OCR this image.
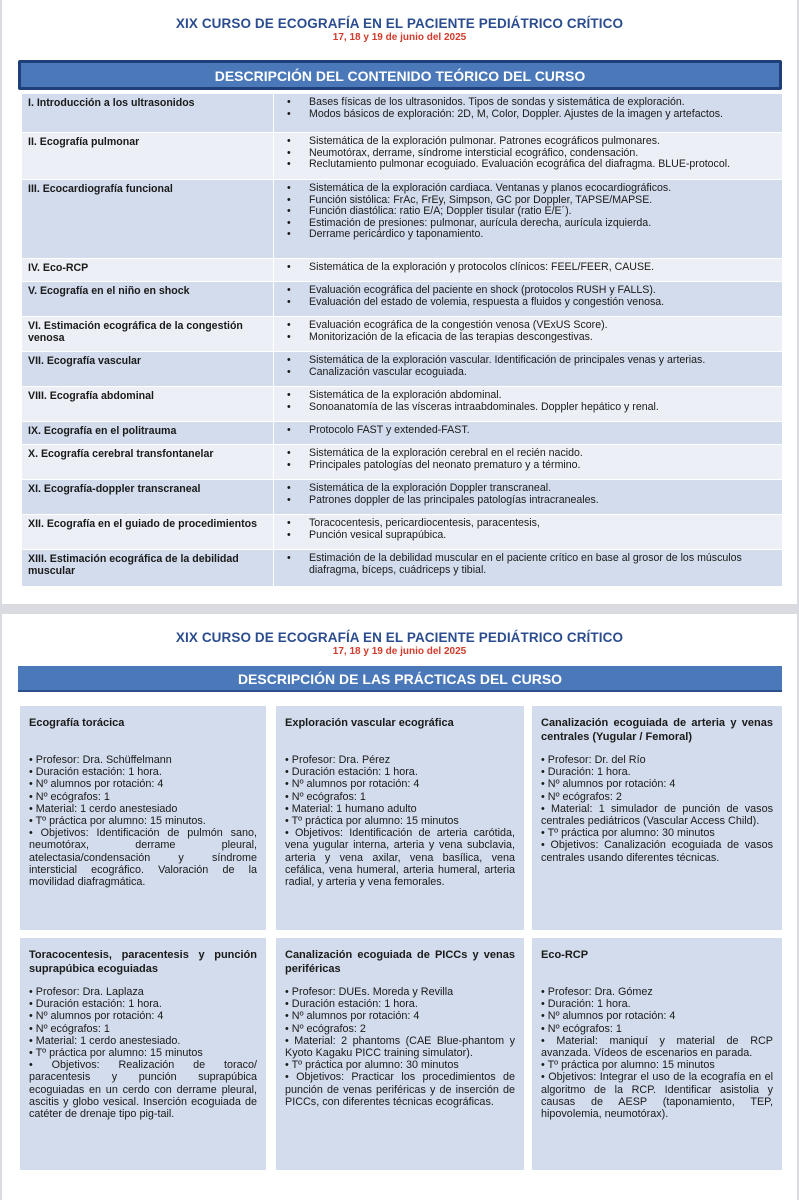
XIX CURSO DE ECOGRAFÍA EN EL PACIENTE PEDIÁTRICO CRÍTICO
17, 18 y 19 de junio del 2025
DESCRIPCIÓN DEL CONTENIDO TEÓRICO DEL CURSO
I. Introducción a los ultrasonidos	•	Bases físicas de los ultrasonidos. Tipos de sondas y sistemática de exploración.
•	Modos básicos de exploración: 2D, M, Color, Doppler. Ajustes de la imagen y artefactos.
II. Ecografía pulmonar	•	Sistemática de la exploración pulmonar. Patrones ecográficos pulmonares.
•	Neumotórax, derrame, síndrome intersticial ecográfico, condensación.
•	Reclutamiento pulmonar ecoguiado. Evaluación ecográfica del diafragma. BLUE-protocol.
III. Ecocardiografía funcional	•	Sistemática de la exploración cardiaca. Ventanas y planos ecocardiográficos.
•	Función sistólica: FrAc, FrEy, Simpson, GC por Doppler, TAPSE/MAPSE.
•	Función diastólica: ratio E/A; Doppler tisular (ratio E/E´).
•	Estimación de presiones: pulmonar, aurícula derecha, aurícula izquierda.
•	Derrame pericárdico y taponamiento.
IV. Eco-RCP	•	Sistemática de la exploración y protocolos clínicos: FEEL/FEER, CAUSE.
V. Ecografía en el niño en shock	•	Evaluación ecográfica del paciente en shock (protocolos RUSH y FALLS).
•	Evaluación del estado de volemia, respuesta a fluidos y congestión venosa.
VI. Estimación ecográfica de la congestión venosa
•	Evaluación ecográfica de la congestión venosa (VExUS Score).
•	Monitorización de la eficacia de las terapias descongestivas.
VII. Ecografía vascular	•	Sistemática de la exploración vascular. Identificación de principales venas y arterias.
•	Canalización vascular ecoguiada.
VIII. Ecografía abdominal	•	Sistemática de la exploración abdominal.
•	Sonoanatomía de las vísceras intraabdominales. Doppler hepático y renal.
IX. Ecografía en el politrauma	•	Protocolo FAST y extended-FAST.
X. Ecografía cerebral transfontanelar	•	Sistemática de la exploración cerebral en el recién nacido.
•	Principales patologías del neonato prematuro y a término.
XI. Ecografía-doppler transcraneal	•	Sistemática de la exploración Doppler transcraneal.
•	Patrones doppler de las principales patologías intracraneales.
XII. Ecografía en el guiado de procedimientos	•	Toracocentesis, pericardiocentesis, paracentesis,
•	Punción vesical suprapúbica.
XIII. Estimación ecográfica de la debilidad muscular
•	Estimación de la debilidad muscular en el paciente crítico en base al grosor de los músculos diafragma, bíceps, cuádriceps y tibial.
XIX CURSO DE ECOGRAFÍA EN EL PACIENTE PEDIÁTRICO CRÍTICO
17, 18 y 19 de junio del 2025
DESCRIPCIÓN DE LAS PRÁCTICAS DEL CURSO
Ecografía torácica
• Profesor: Dra. Schüffelmann
• Duración estación: 1 hora.
• Nº alumnos por rotación: 4
• Nº ecógrafos: 1
• Material: 1 cerdo anestesiado
• Tº práctica por alumno: 15 minutos.
• Objetivos: Identificación de pulmón sano, neumotórax, derrame pleural, atelectasia/condensación y síndrome intersticial ecográfico. Valoración de la movilidad diafragmática.
Exploración vascular ecográfica
• Profesor: Dra. Pérez
• Duración estación: 1 hora.
• Nº alumnos por rotación: 4
• Nº ecógrafos: 1
• Material: 1 humano adulto
• Tº práctica por alumno: 15 minutos
• Objetivos: Identificación de arteria carótida, vena yugular interna, arteria y vena subclavia, arteria y vena axilar, vena basílica, vena cefálica, vena humeral, arteria humeral, arteria radial, y arteria y vena femorales.
Canalización ecoguiada de arteria y venas centrales (Yugular / Femoral)
• Profesor: Dr. del Río
• Duración: 1 hora.
• Nº alumnos por rotación: 4
• Nº ecógrafos: 2
• Material: 1 simulador de punción de vasos centrales pediátricos (Vascular Access Child).
• Tº práctica por alumno: 30 minutos
• Objetivos: Canalización ecoguiada de vasos centrales usando diferentes técnicas.
Toracocentesis, paracentesis y punción suprapúbica ecoguiadas
• Profesor: Dra. Laplaza
• Duración estación: 1 hora.
• Nº alumnos por rotación: 4
• Nº ecógrafos: 1
• Material: 1 cerdo anestesiado.
• Tº práctica por alumno: 15 minutos
• Objetivos: Realización de toraco/ paracentesis y punción suprapúbica ecoguiadas en un cerdo con derrame pleural, ascitis y globo vesical. Inserción ecoguiada de catéter de drenaje tipo pig-tail.
Canalización ecoguiada de PICCs y venas periféricas
• Profesor: DUEs. Moreda y Revilla
• Duración estación: 1 hora.
• Nº alumnos por rotación: 4
• Nº ecógrafos: 2
• Material: 2 phantoms (CAE Blue-phantom y Kyoto Kagaku PICC training simulator).
• Tº práctica por alumno: 30 minutos
• Objetivos: Practicar los procedimientos de punción de venas periféricas y de inserción de PICCs, con diferentes técnicas ecográficas.
Eco-RCP
• Profesor: Dra. Gómez
• Duración: 1 hora.
• Nº alumnos por rotación: 4
• Nº ecógrafos: 1
• Material: maniquí y material de RCP avanzada. Vídeos de escenarios en parada.
• Tº práctica por alumno: 15 minutos
• Objetivos: Integrar el uso de la ecografía en el algoritmo de la RCP. Identificar asistolia y causas de AESP (taponamiento, TEP, hipovolemia, neumotórax).
